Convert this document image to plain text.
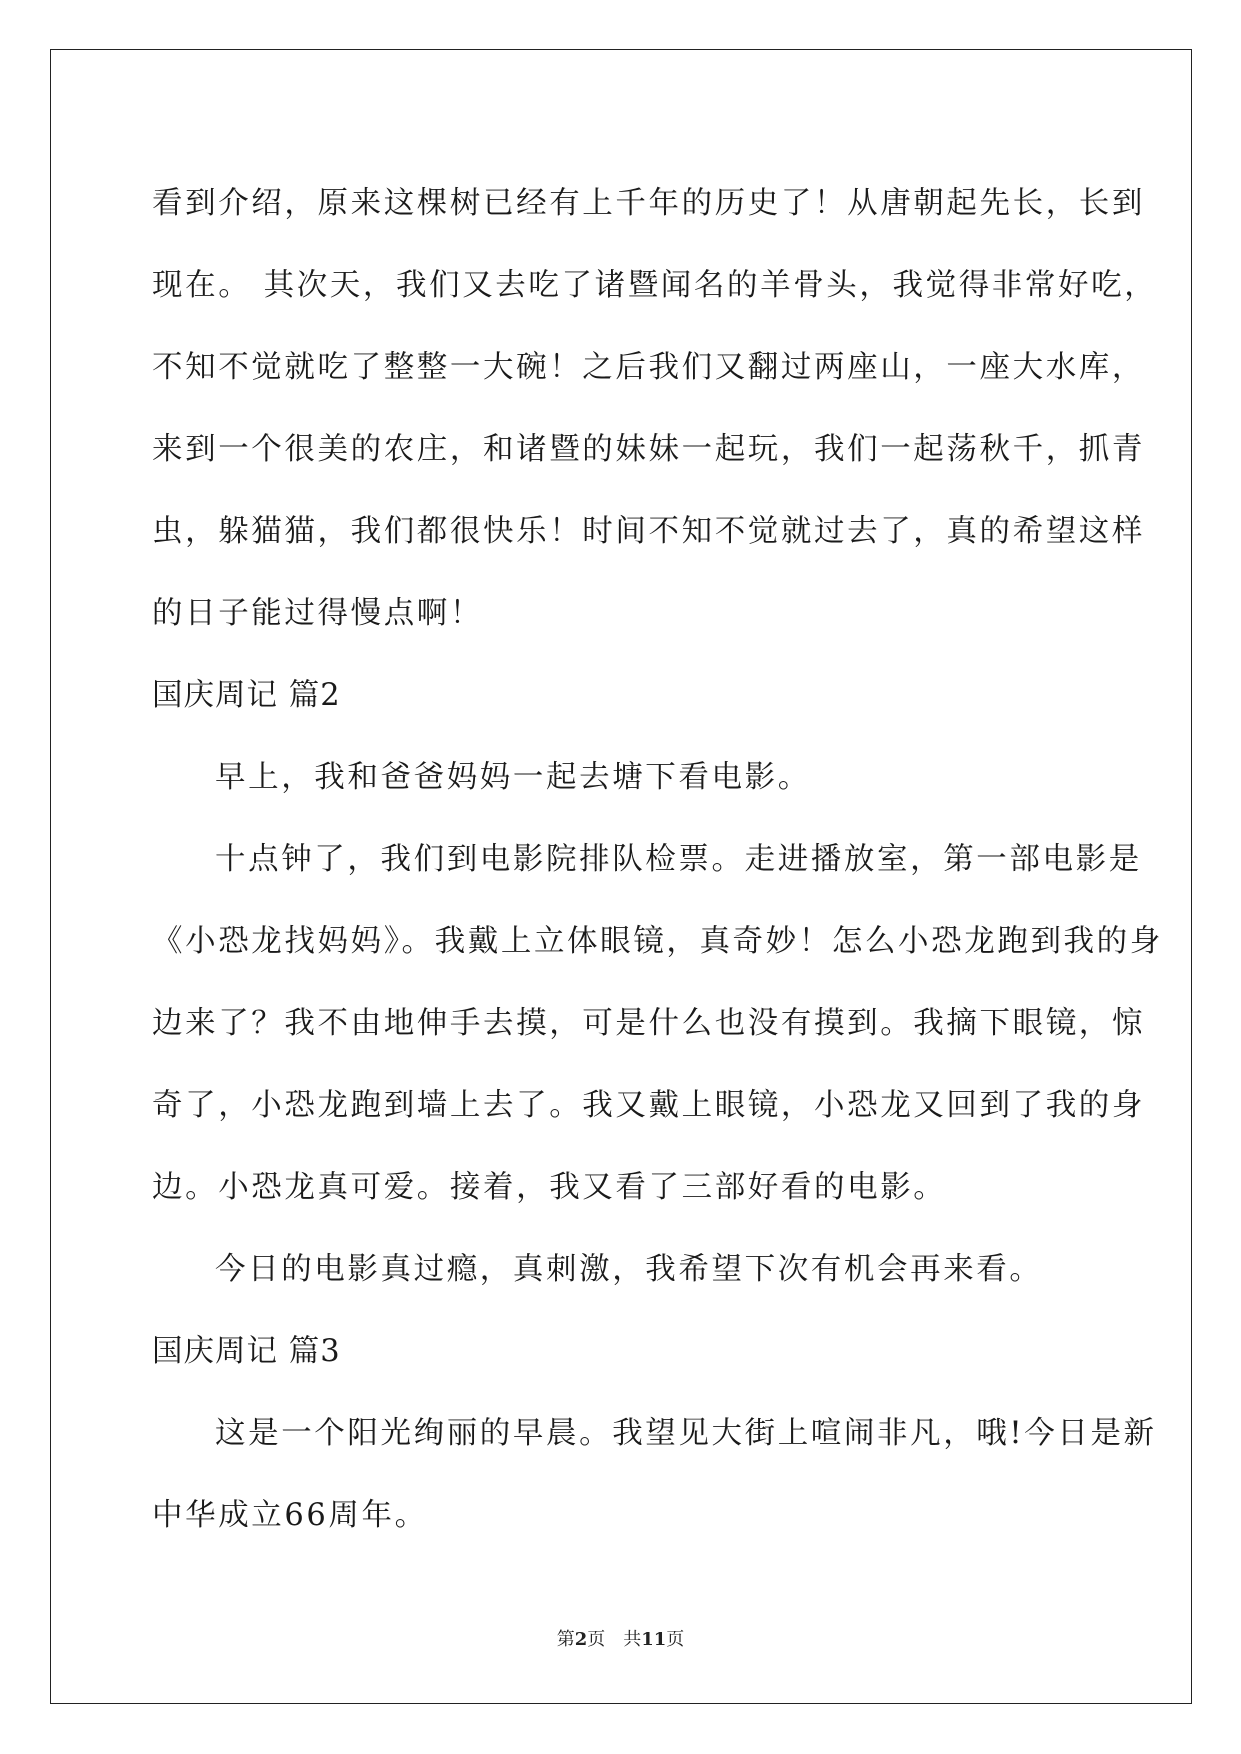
看到介绍，原来这棵树已经有上千年的历史了！从唐朝起先长，长到
现在。 其次天，我们又去吃了诸暨闻名的羊骨头，我觉得非常好吃，
不知不觉就吃了整整一大碗！之后我们又翻过两座山，一座大水库，
来到一个很美的农庄，和诸暨的妹妹一起玩，我们一起荡秋千，抓青
虫，躲猫猫，我们都很快乐！时间不知不觉就过去了，真的希望这样
的日子能过得慢点啊！
国庆周记 篇2
早上，我和爸爸妈妈一起去塘下看电影。
十点钟了，我们到电影院排队检票。走进播放室，第一部电影是
《小恐龙找妈妈》。我戴上立体眼镜，真奇妙！怎么小恐龙跑到我的身
边来了？我不由地伸手去摸，可是什么也没有摸到。我摘下眼镜，惊
奇了，小恐龙跑到墙上去了。我又戴上眼镜，小恐龙又回到了我的身
边。小恐龙真可爱。接着，我又看了三部好看的电影。
今日的电影真过瘾，真刺激，我希望下次有机会再来看。
国庆周记 篇3
这是一个阳光绚丽的早晨。我望见大街上喧闹非凡，哦!今日是新
中华成立66周年。
第2页　共11页
